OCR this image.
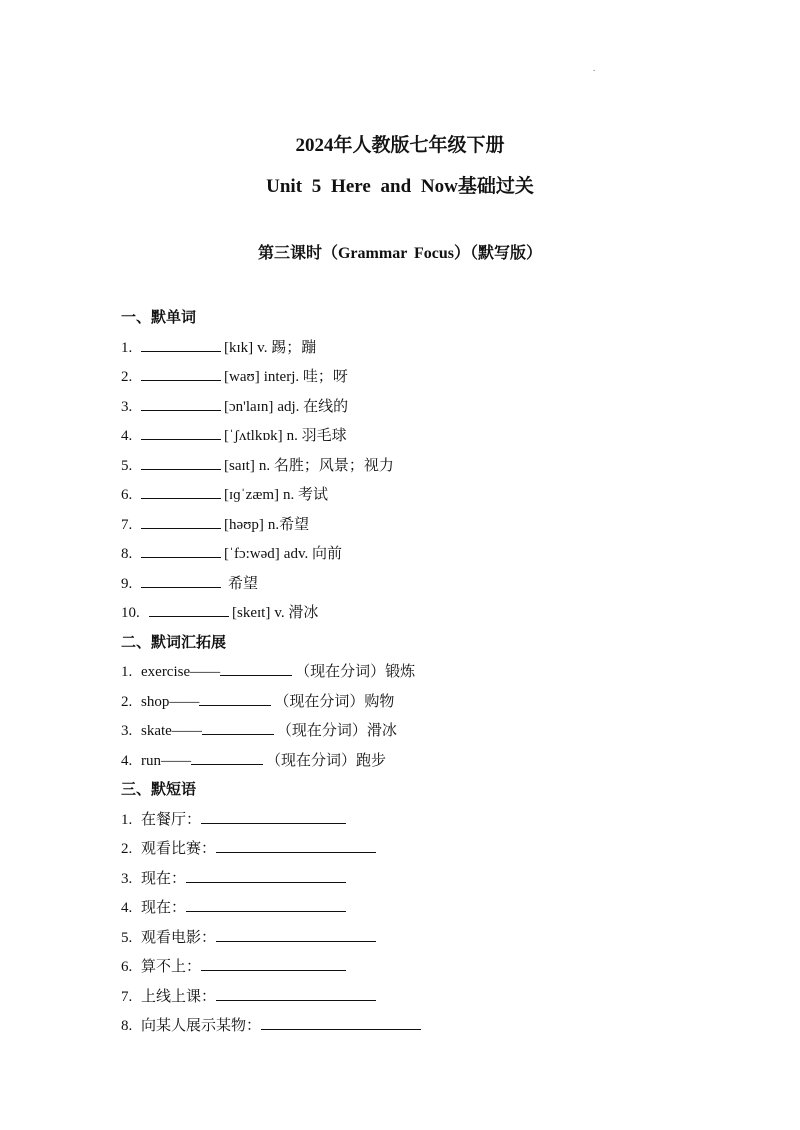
.
2024年人教版七年级下册
Unit 5 Here and Now基础过关
第三课时（Grammar Focus）（默写版）
一、默单词
1.	[kɪk] v. 踢；蹦
2.	[waʊ] interj. 哇；呀
3.	[ɔn'laɪn] adj. 在线的
4.	[ˈʃʌtlkɒk] n. 羽毛球
5.	[saɪt] n. 名胜；风景；视力
6.	[ɪɡˈzæm] n. 考试
7.	[həʊp] n.希望
8.	[ˈfɔ:wəd] adv. 向前
9.	希望
10.	[skeɪt] v. 滑冰
二、默词汇拓展
1. exercise——	（现在分词）锻炼
2. shop——	（现在分词）购物
3. skate——	（现在分词）滑冰
4. run——	（现在分词）跑步
三、默短语
1. 在餐厅：
2. 观看比赛：
3. 现在：
4. 现在：
5. 观看电影：
6. 算不上：
7. 上线上课：
8. 向某人展示某物：
